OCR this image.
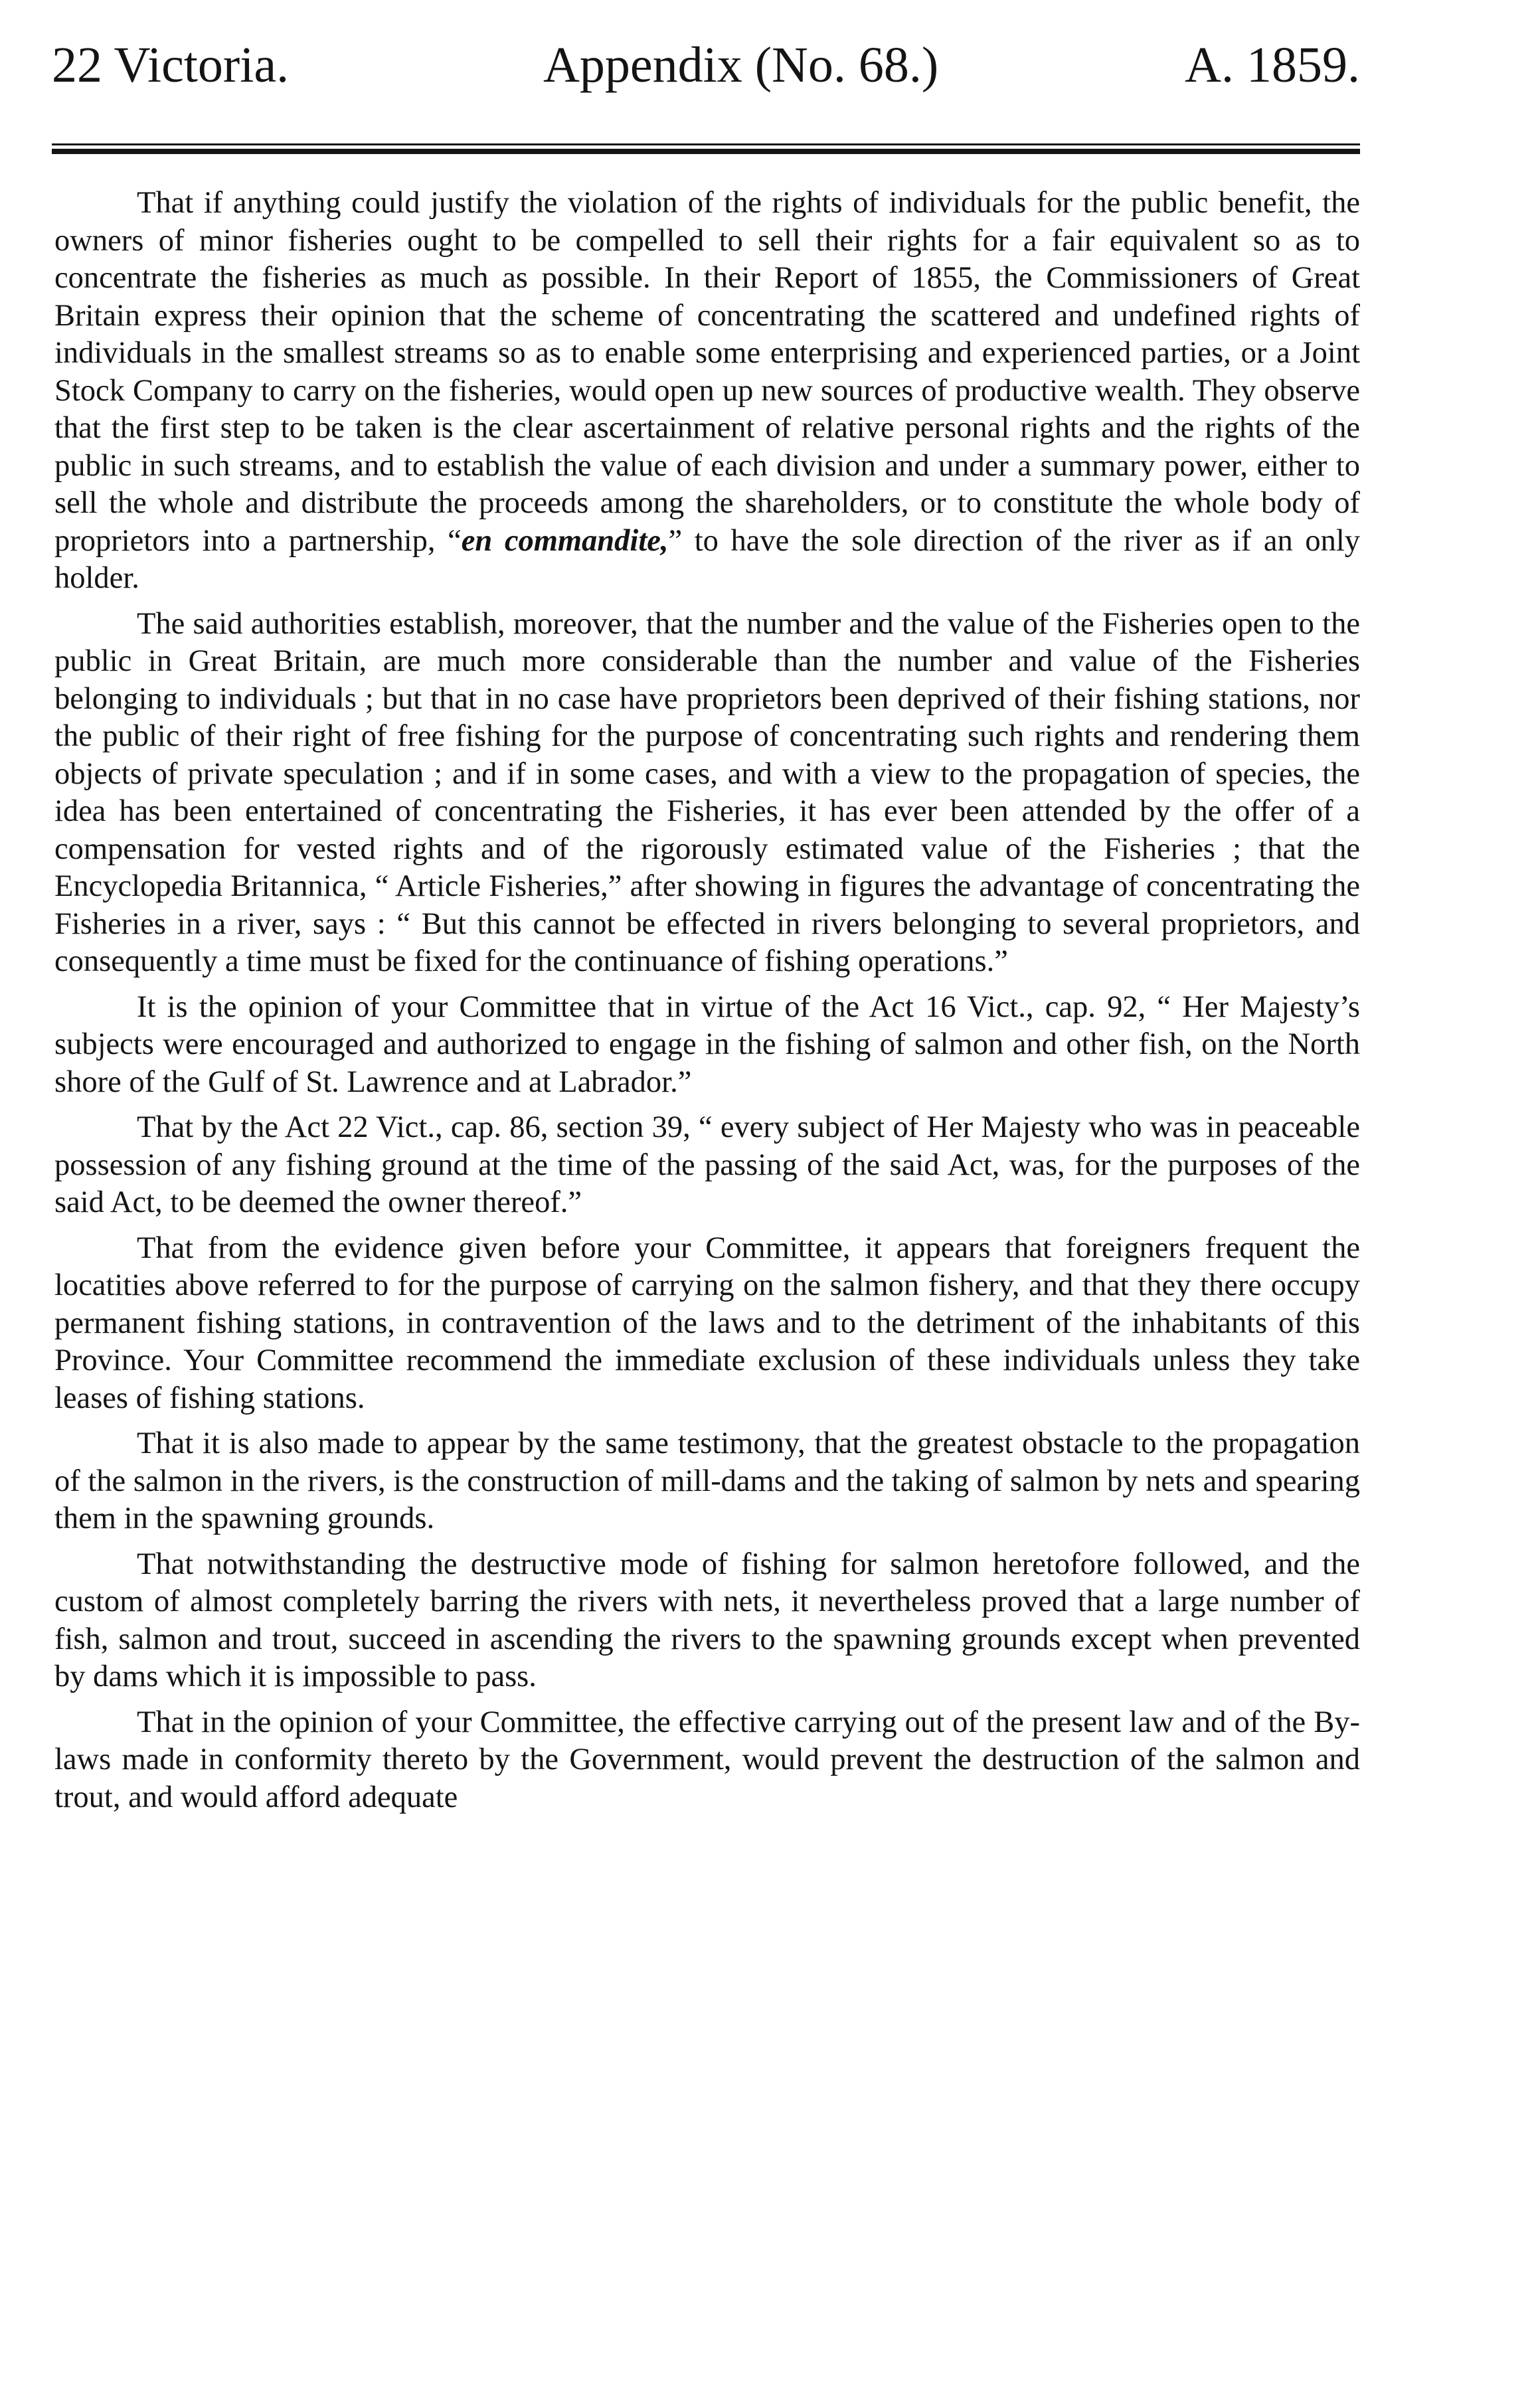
22 Victoria.	Appendix (No. 68.)	A. 1859.

That if anything could justify the violation of the rights of individuals for the public benefit, the owners of minor fisheries ought to be compelled to sell their rights for a fair equivalent so as to concentrate the fisheries as much as possible. In their Report of 1855, the Commissioners of Great Britain express their opinion that the scheme of concentrating the scattered and undefined rights of individuals in the smallest streams so as to enable some enterprising and experienced parties, or a Joint Stock Company to carry on the fisheries, would open up new sources of productive wealth. They observe that the first step to be taken is the clear ascertainment of relative personal rights and the rights of the public in such streams, and to establish the value of each division and under a summary power, either to sell the whole and distribute the proceeds among the shareholders, or to constitute the whole body of proprietors into a partnership, “en commandite,” to have the sole direction of the river as if an only holder.

The said authorities establish, moreover, that the number and the value of the Fisheries open to the public in Great Britain, are much more considerable than the number and value of the Fisheries belonging to individuals ; but that in no case have proprietors been deprived of their fishing stations, nor the public of their right of free fishing for the purpose of concentrating such rights and rendering them objects of private speculation ; and if in some cases, and with a view to the propagation of species, the idea has been entertained of concentrating the Fisheries, it has ever been attended by the offer of a compensation for vested rights and of the rigorously estimated value of the Fisheries ; that the Encyclopedia Britannica, “ Article Fisheries,” after showing in figures the advantage of concentrating the Fisheries in a river, says : “ But this cannot be effected in rivers belonging to several proprietors, and consequently a time must be fixed for the continuance of fishing operations.”

It is the opinion of your Committee that in virtue of the Act 16 Vict., cap. 92, “ Her Majesty’s subjects were encouraged and authorized to engage in the fishing of salmon and other fish, on the North shore of the Gulf of St. Lawrence and at Labrador.”

That by the Act 22 Vict., cap. 86, section 39, “ every subject of Her Majesty who was in peaceable possession of any fishing ground at the time of the passing of the said Act, was, for the purposes of the said Act, to be deemed the owner thereof.”

That from the evidence given before your Committee, it appears that foreigners frequent the locatities above referred to for the purpose of carrying on the salmon fishery, and that they there occupy permanent fishing stations, in contravention of the laws and to the detriment of the inhabitants of this Province. Your Committee recommend the immediate exclusion of these individuals unless they take leases of fishing stations.

That it is also made to appear by the same testimony, that the greatest obstacle to the propagation of the salmon in the rivers, is the construction of mill-dams and the taking of salmon by nets and spearing them in the spawning grounds.

That notwithstanding the destructive mode of fishing for salmon heretofore followed, and the custom of almost completely barring the rivers with nets, it nevertheless proved that a large number of fish, salmon and trout, succeed in ascending the rivers to the spawning grounds except when prevented by dams which it is impossible to pass.

That in the opinion of your Committee, the effective carrying out of the present law and of the By-laws made in conformity thereto by the Government, would prevent the destruction of the salmon and trout, and would afford adequate
